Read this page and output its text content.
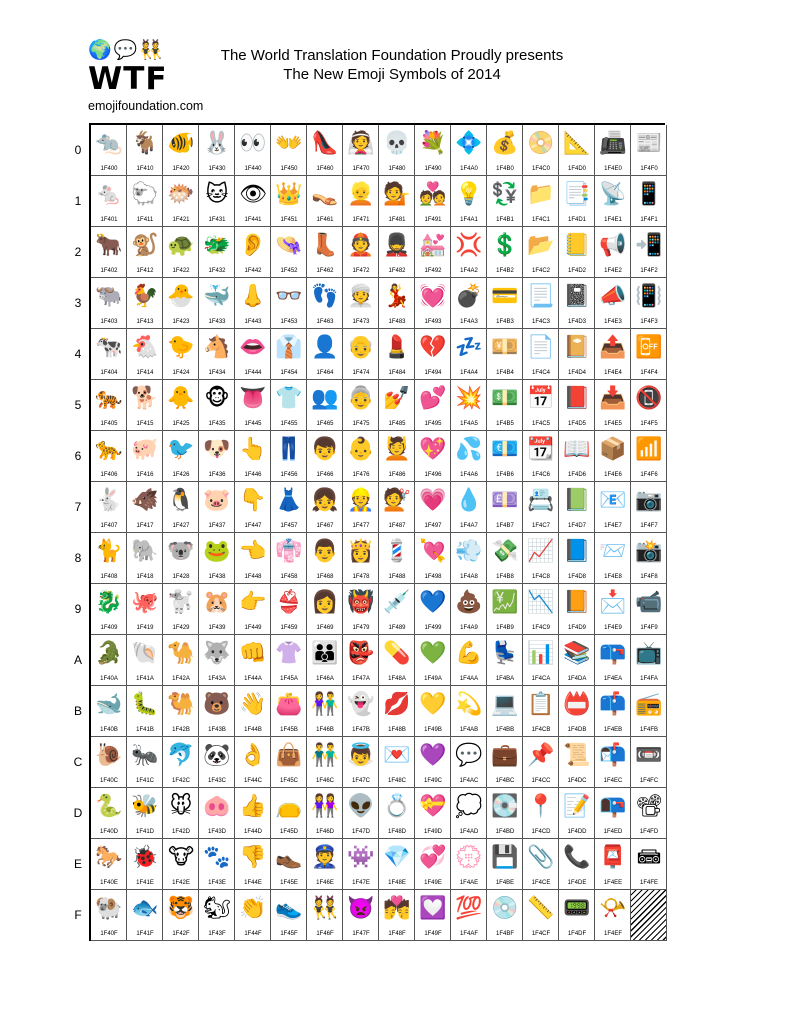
🌍 💬 👯
WTF
emojifoundation.com
The World Translation Foundation Proudly presents
The New Emoji Symbols of 2014
0
1
2
3
4
5
6
7
8
9
A
B
C
D
E
F
🐀
1F400
🐐
1F410
🐠
1F420
🐰
1F430
👀
1F440
👐
1F450
👠
1F460
👰
1F470
💀
1F480
💐
1F490
💠
1F4A0
💰
1F4B0
📀
1F4C0
📐
1F4D0
📠
1F4E0
📰
1F4F0
🐁
1F401
🐑
1F411
🐡
1F421
🐱
1F431
👁
1F441
👑
1F451
👡
1F461
👱
1F471
💁
1F481
💑
1F491
💡
1F4A1
💱
1F4B1
📁
1F4C1
📑
1F4D1
📡
1F4E1
📱
1F4F1
🐂
1F402
🐒
1F412
🐢
1F422
🐲
1F432
👂
1F442
👒
1F452
👢
1F462
👲
1F472
💂
1F482
💒
1F492
💢
1F4A2
💲
1F4B2
📂
1F4C2
📒
1F4D2
📢
1F4E2
📲
1F4F2
🐃
1F403
🐓
1F413
🐣
1F423
🐳
1F433
👃
1F443
👓
1F453
👣
1F463
👳
1F473
💃
1F483
💓
1F493
💣
1F4A3
💳
1F4B3
📃
1F4C3
📓
1F4D3
📣
1F4E3
📳
1F4F3
🐄
1F404
🐔
1F414
🐤
1F424
🐴
1F434
👄
1F444
👔
1F454
👤
1F464
👴
1F474
💄
1F484
💔
1F494
💤
1F4A4
💴
1F4B4
📄
1F4C4
📔
1F4D4
📤
1F4E4
📴
1F4F4
🐅
1F405
🐕
1F415
🐥
1F425
🐵
1F435
👅
1F445
👕
1F455
👥
1F465
👵
1F475
💅
1F485
💕
1F495
💥
1F4A5
💵
1F4B5
📅
1F4C5
📕
1F4D5
📥
1F4E5
📵
1F4F5
🐆
1F406
🐖
1F416
🐦
1F426
🐶
1F436
👆
1F446
👖
1F456
👦
1F466
👶
1F476
💆
1F486
💖
1F496
💦
1F4A6
💶
1F4B6
📆
1F4C6
📖
1F4D6
📦
1F4E6
📶
1F4F6
🐇
1F407
🐗
1F417
🐧
1F427
🐷
1F437
👇
1F447
👗
1F457
👧
1F467
👷
1F477
💇
1F487
💗
1F497
💧
1F4A7
💷
1F4B7
📇
1F4C7
📗
1F4D7
📧
1F4E7
📷
1F4F7
🐈
1F408
🐘
1F418
🐨
1F428
🐸
1F438
👈
1F448
👘
1F458
👨
1F468
👸
1F478
💈
1F488
💘
1F498
💨
1F4A8
💸
1F4B8
📈
1F4C8
📘
1F4D8
📨
1F4E8
📸
1F4F8
🐉
1F409
🐙
1F419
🐩
1F429
🐹
1F439
👉
1F449
👙
1F459
👩
1F469
👹
1F479
💉
1F489
💙
1F499
💩
1F4A9
💹
1F4B9
📉
1F4C9
📙
1F4D9
📩
1F4E9
📹
1F4F9
🐊
1F40A
🐚
1F41A
🐪
1F42A
🐺
1F43A
👊
1F44A
👚
1F45A
👪
1F46A
👺
1F47A
💊
1F48A
💚
1F49A
💪
1F4AA
💺
1F4BA
📊
1F4CA
📚
1F4DA
📪
1F4EA
📺
1F4FA
🐋
1F40B
🐛
1F41B
🐫
1F42B
🐻
1F43B
👋
1F44B
👛
1F45B
👫
1F46B
👻
1F47B
💋
1F48B
💛
1F49B
💫
1F4AB
💻
1F4BB
📋
1F4CB
📛
1F4DB
📫
1F4EB
📻
1F4FB
🐌
1F40C
🐜
1F41C
🐬
1F42C
🐼
1F43C
👌
1F44C
👜
1F45C
👬
1F46C
👼
1F47C
💌
1F48C
💜
1F49C
💬
1F4AC
💼
1F4BC
📌
1F4CC
📜
1F4DC
📬
1F4EC
📼
1F4FC
🐍
1F40D
🐝
1F41D
🐭
1F42D
🐽
1F43D
👍
1F44D
👝
1F45D
👭
1F46D
👽
1F47D
💍
1F48D
💝
1F49D
💭
1F4AD
💽
1F4BD
📍
1F4CD
📝
1F4DD
📭
1F4ED
📽
1F4FD
🐎
1F40E
🐞
1F41E
🐮
1F42E
🐾
1F43E
👎
1F44E
👞
1F45E
👮
1F46E
👾
1F47E
💎
1F48E
💞
1F49E
💮
1F4AE
💾
1F4BE
📎
1F4CE
📞
1F4DE
📮
1F4EE
📾
1F4FE
🐏
1F40F
🐟
1F41F
🐯
1F42F
🐿
1F43F
👏
1F44F
👟
1F45F
👯
1F46F
👿
1F47F
💏
1F48F
💟
1F49F
💯
1F4AF
💿
1F4BF
📏
1F4CF
📟
1F4DF
📯
1F4EF
